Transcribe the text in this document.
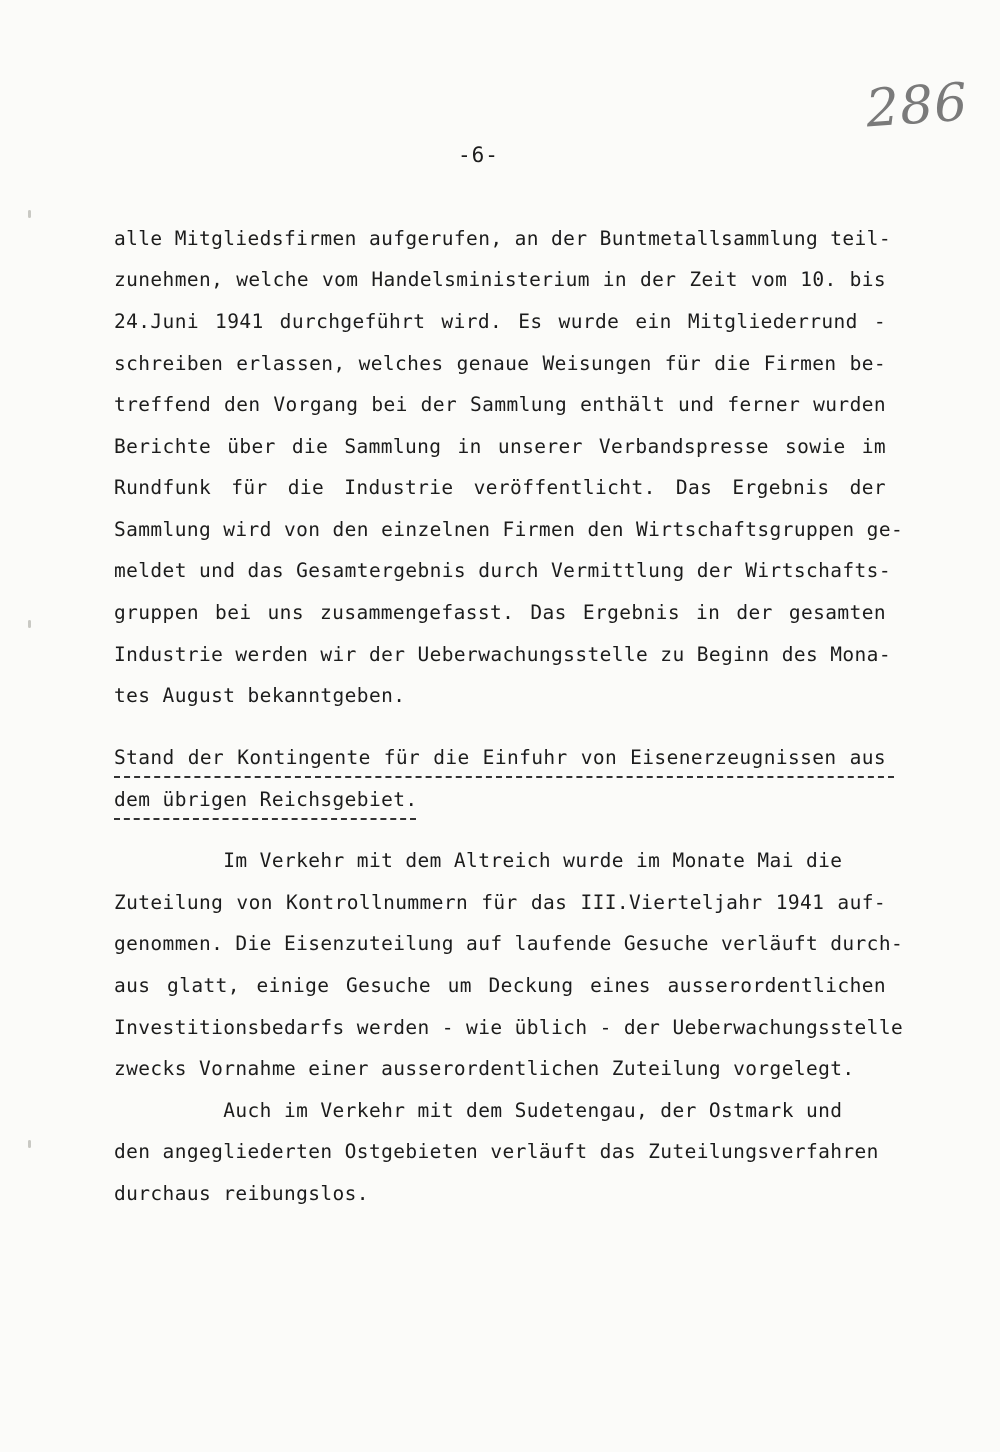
286
-6-
alle Mitgliedsfirmen aufgerufen, an der Buntmetallsammlung teil-
zunehmen, welche vom Handelsministerium in der Zeit vom 10. bis
24.Juni 1941 durchgeführt wird. Es wurde ein Mitgliederrund -
schreiben erlassen, welches genaue Weisungen für die Firmen be-
treffend den Vorgang bei der Sammlung enthält und ferner wurden
Berichte über die Sammlung in unserer Verbandspresse sowie im
Rundfunk für die Industrie veröffentlicht. Das Ergebnis der
Sammlung wird von den einzelnen Firmen den Wirtschaftsgruppen ge-
meldet und das Gesamtergebnis durch Vermittlung der Wirtschafts-
gruppen bei uns zusammengefasst. Das Ergebnis in der gesamten
Industrie werden wir der Ueberwachungsstelle zu Beginn des Mona-
tes August bekanntgeben.
Stand der Kontingente für die Einfuhr von Eisenerzeugnissen aus
dem übrigen Reichsgebiet.
Im Verkehr mit dem Altreich wurde im Monate Mai die
Zuteilung von Kontrollnummern für das III.Vierteljahr 1941 auf-
genommen. Die Eisenzuteilung auf laufende Gesuche verläuft durch-
aus glatt, einige Gesuche um Deckung eines ausserordentlichen
Investitionsbedarfs werden - wie üblich - der Ueberwachungsstelle
zwecks Vornahme einer ausserordentlichen Zuteilung vorgelegt.
Auch im Verkehr mit dem Sudetengau, der Ostmark und
den angegliederten Ostgebieten verläuft das Zuteilungsverfahren
durchaus reibungslos.
